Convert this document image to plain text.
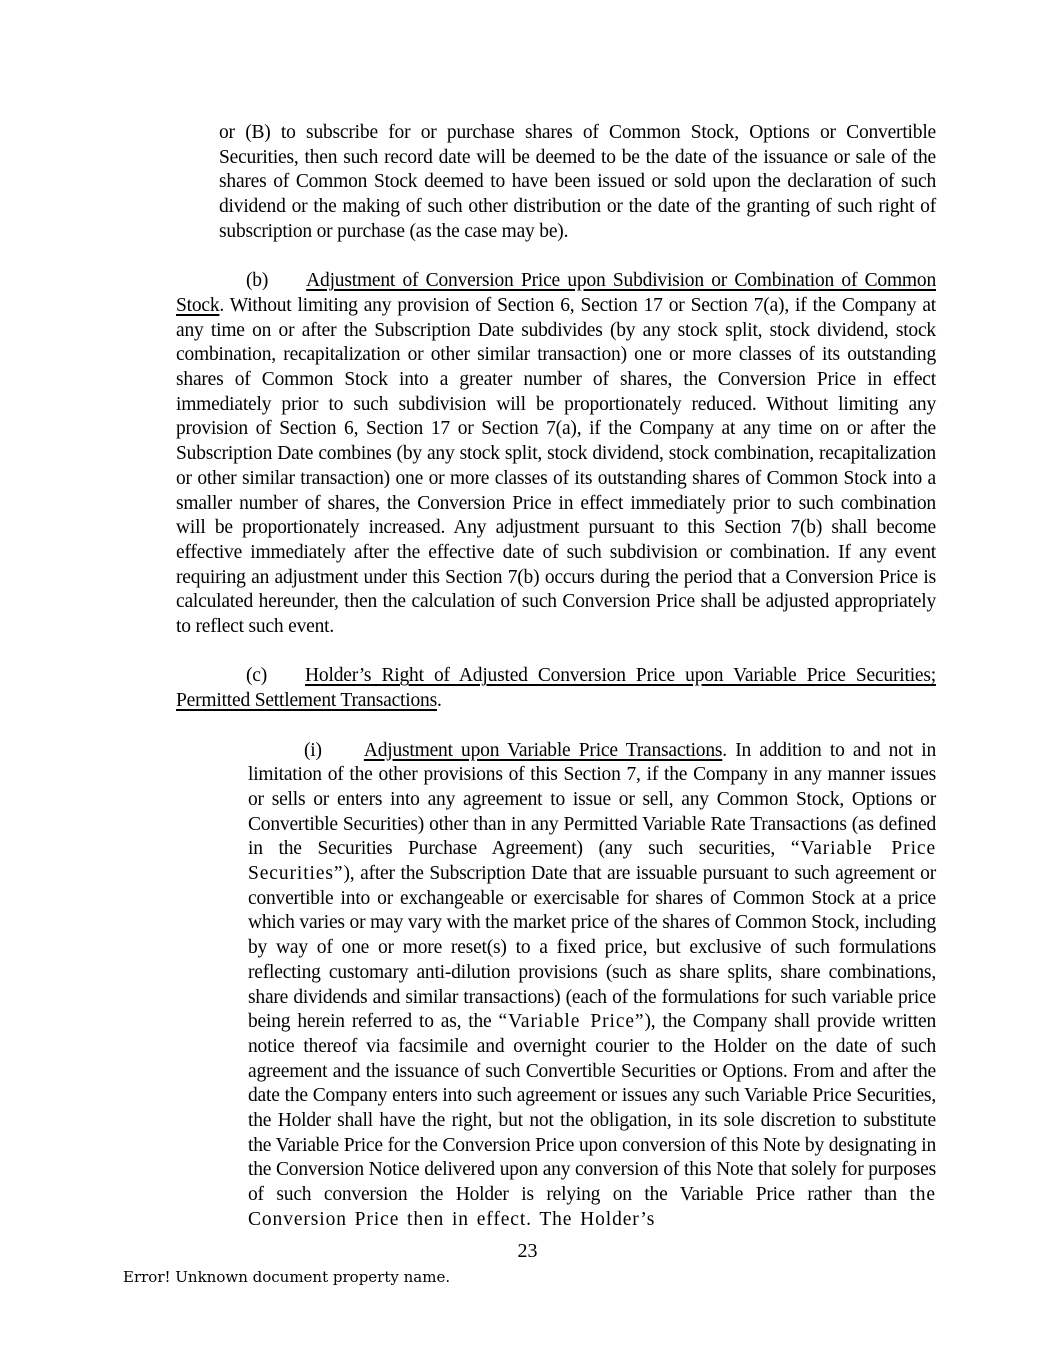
or (B) to subscribe for or purchase shares of Common Stock, Options or Convertible Securities, then such record date will be deemed to be the date of the issuance or sale of the shares of Common Stock deemed to have been issued or sold upon the declaration of such dividend or the making of such other distribution or the date of the granting of such right of subscription or purchase (as the case may be).

(b) Adjustment of Conversion Price upon Subdivision or Combination of Common Stock. Without limiting any provision of Section 6, Section 17 or Section 7(a), if the Company at any time on or after the Subscription Date subdivides (by any stock split, stock dividend, stock combination, recapitalization or other similar transaction) one or more classes of its outstanding shares of Common Stock into a greater number of shares, the Conversion Price in effect immediately prior to such subdivision will be proportionately reduced. Without limiting any provision of Section 6, Section 17 or Section 7(a), if the Company at any time on or after the Subscription Date combines (by any stock split, stock dividend, stock combination, recapitalization or other similar transaction) one or more classes of its outstanding shares of Common Stock into a smaller number of shares, the Conversion Price in effect immediately prior to such combination will be proportionately increased. Any adjustment pursuant to this Section 7(b) shall become effective immediately after the effective date of such subdivision or combination. If any event requiring an adjustment under this Section 7(b) occurs during the period that a Conversion Price is calculated hereunder, then the calculation of such Conversion Price shall be adjusted appropriately to reflect such event.

(c) Holder’s Right of Adjusted Conversion Price upon Variable Price Securities; Permitted Settlement Transactions.

(i) Adjustment upon Variable Price Transactions. In addition to and not in limitation of the other provisions of this Section 7, if the Company in any manner issues or sells or enters into any agreement to issue or sell, any Common Stock, Options or Convertible Securities) other than in any Permitted Variable Rate Transactions (as defined in the Securities Purchase Agreement) (any such securities, “Variable Price Securities”), after the Subscription Date that are issuable pursuant to such agreement or convertible into or exchangeable or exercisable for shares of Common Stock at a price which varies or may vary with the market price of the shares of Common Stock, including by way of one or more reset(s) to a fixed price, but exclusive of such formulations reflecting customary anti-dilution provisions (such as share splits, share combinations, share dividends and similar transactions) (each of the formulations for such variable price being herein referred to as, the “Variable Price”), the Company shall provide written notice thereof via facsimile and overnight courier to the Holder on the date of such agreement and the issuance of such Convertible Securities or Options. From and after the date the Company enters into such agreement or issues any such Variable Price Securities, the Holder shall have the right, but not the obligation, in its sole discretion to substitute the Variable Price for the Conversion Price upon conversion of this Note by designating in the Conversion Notice delivered upon any conversion of this Note that solely for purposes of such conversion the Holder is relying on the Variable Price rather than the Conversion Price then in effect. The Holder’s

23
Error! Unknown document property name.
